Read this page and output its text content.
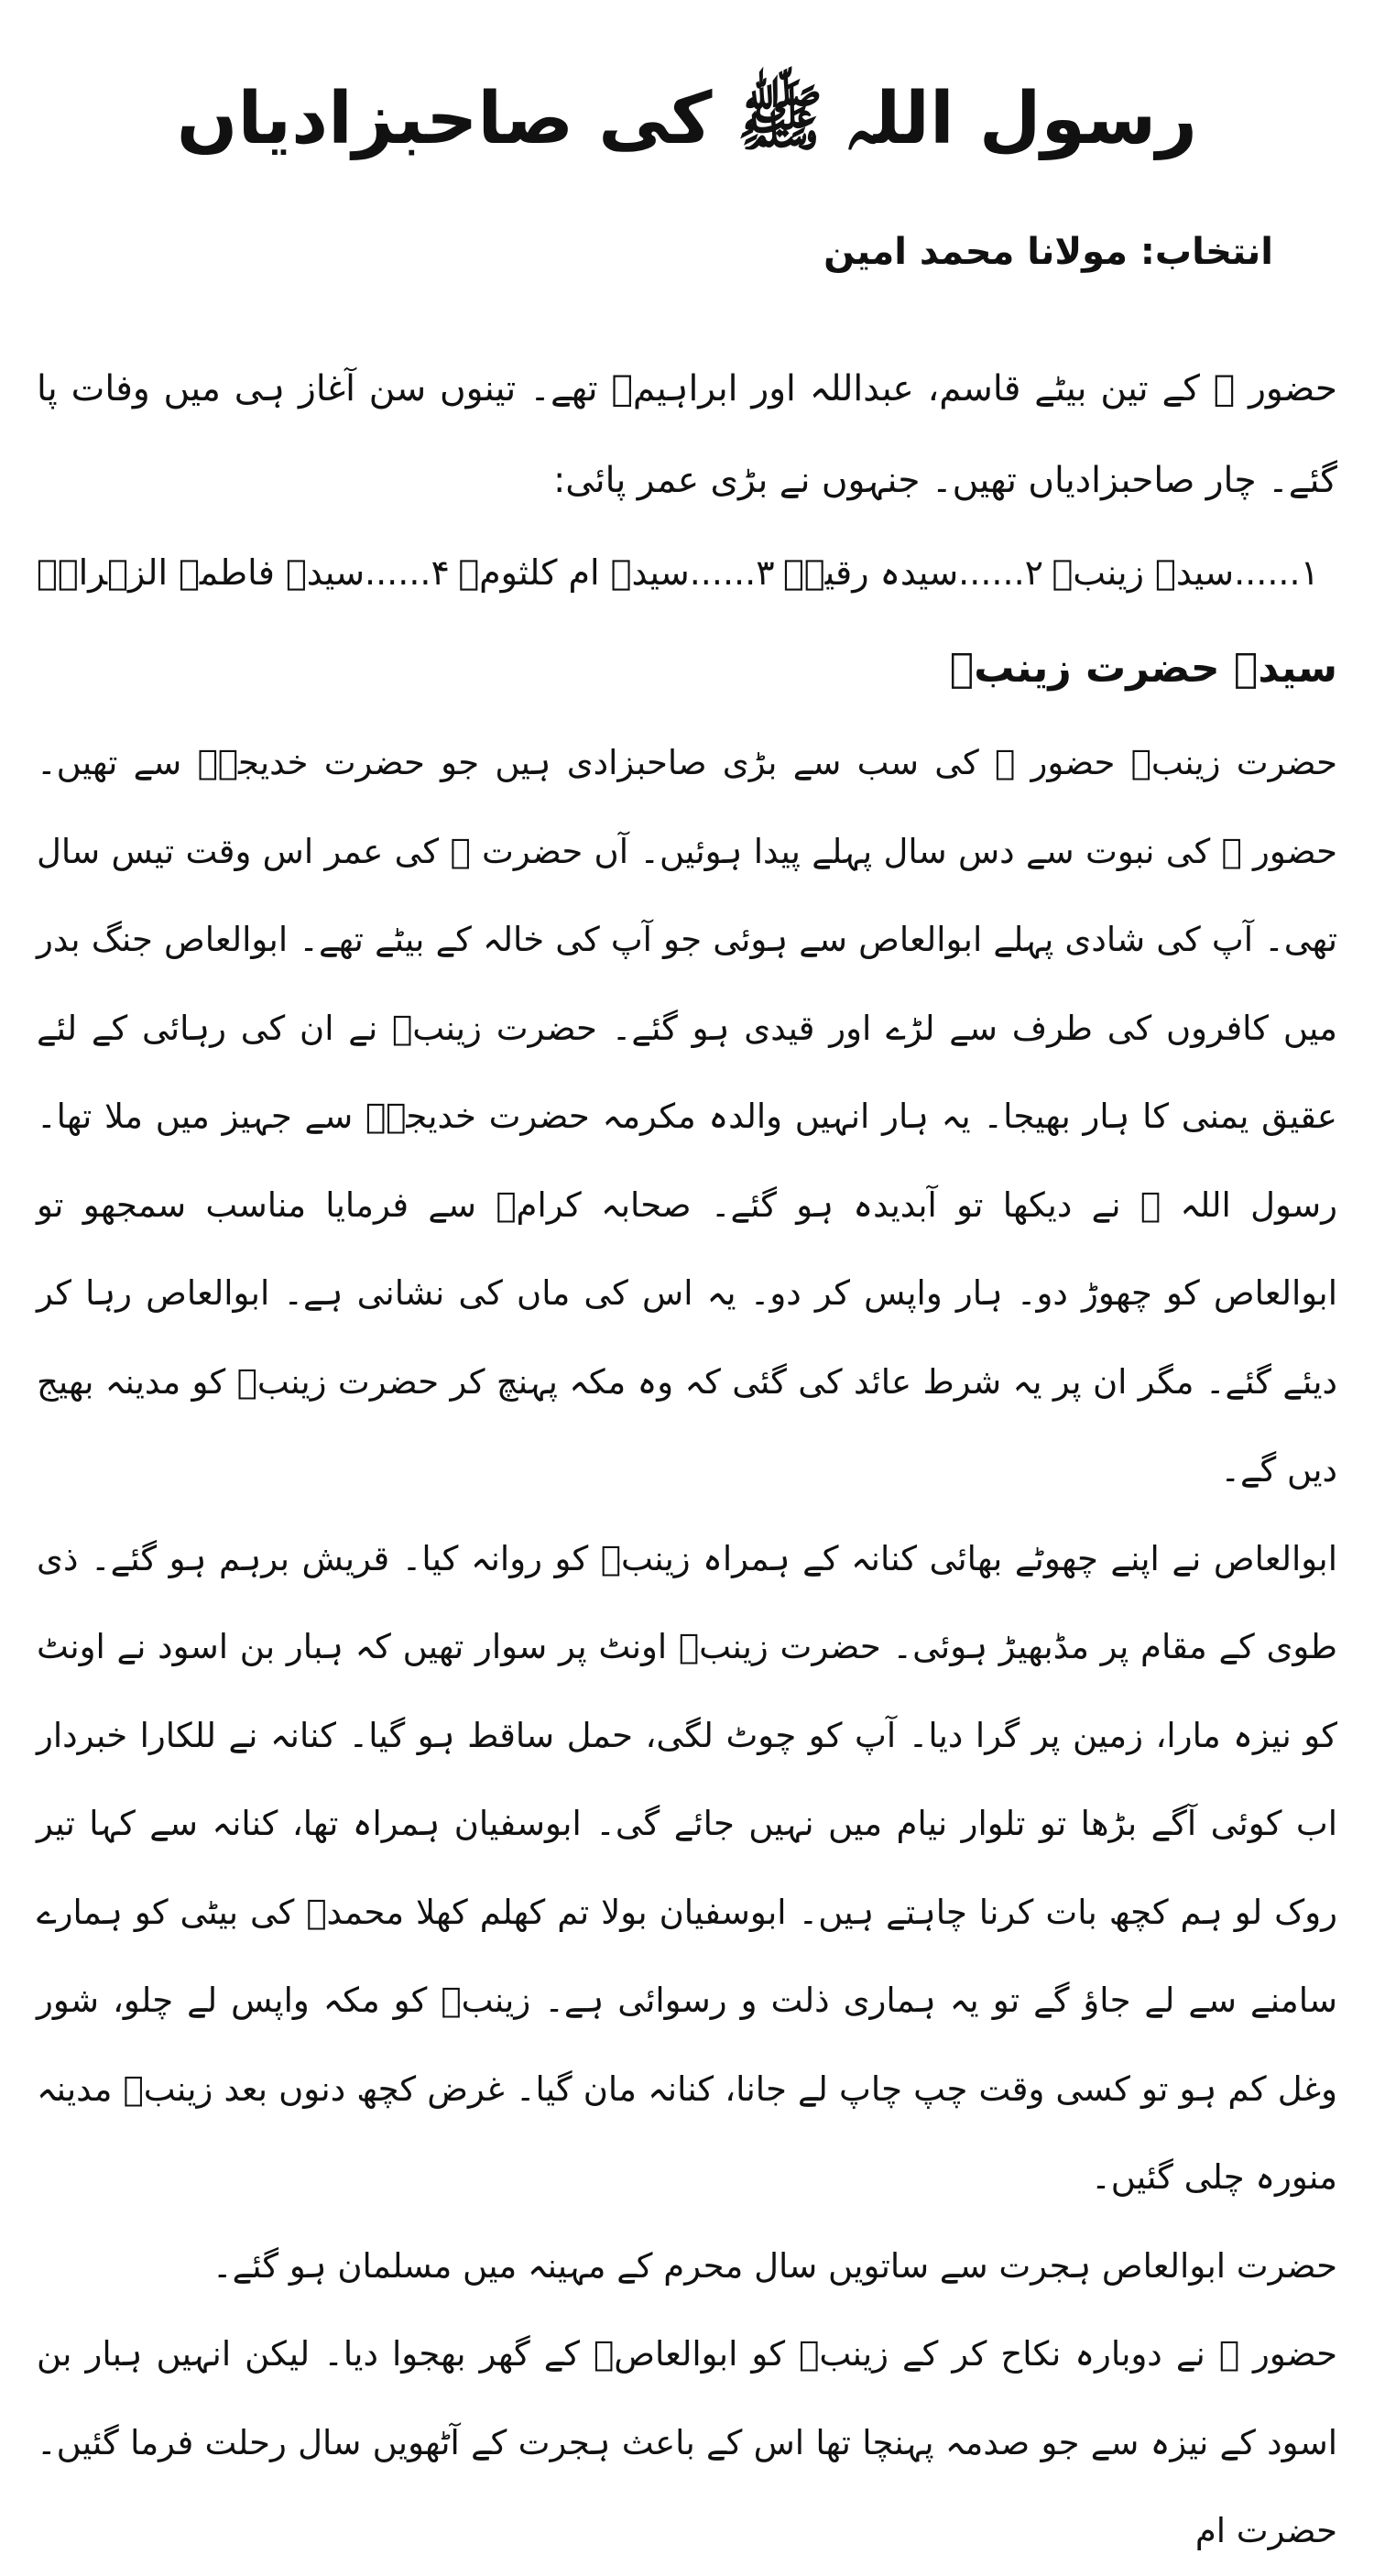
رسول اللہ ﷺ کی صاحبزادیاں
انتخاب: مولانا محمد امین

حضور ﷺ کے تین بیٹے قاسم، عبداللہ اور ابراہیمؓ تھے۔ تینوں سن آغاز ہی میں وفات پا گئے۔ چار صاحبزادیاں تھیں۔ جنہوں نے بڑی عمر پائی:

۱......سیدہ زینبؓ
۲......سیدہ رقیہؓ
۳......سیدہ ام کلثومؓ
۴......سیدہ فاطمۃ الزہراؓ۔
سیدہ حضرت زینبؓ

حضرت زینبؓ حضور ﷺ کی سب سے بڑی صاحبزادی ہیں جو حضرت خدیجہؓ سے تھیں۔ حضور ﷺ کی نبوت سے دس سال پہلے پیدا ہوئیں۔ آں حضرت ﷺ کی عمر اس وقت تیس سال تھی۔ آپ کی شادی پہلے ابوالعاص سے ہوئی جو آپ کی خالہ کے بیٹے تھے۔ ابوالعاص جنگ بدر میں کافروں کی طرف سے لڑے اور قیدی ہو گئے۔ حضرت زینبؓ نے ان کی رہائی کے لئے عقیق یمنی کا ہار بھیجا۔ یہ ہار انہیں والدہ مکرمہ حضرت خدیجہؓ سے جہیز میں ملا تھا۔ رسول اللہ ﷺ نے دیکھا تو آبدیدہ ہو گئے۔ صحابہ کرامؓ سے فرمایا مناسب سمجھو تو ابوالعاص کو چھوڑ دو۔ ہار واپس کر دو۔ یہ اس کی ماں کی نشانی ہے۔ ابوالعاص رہا کر دیئے گئے۔ مگر ان پر یہ شرط عائد کی گئی کہ وہ مکہ پہنچ کر حضرت زینبؓ کو مدینہ بھیج دیں گے۔

ابوالعاص نے اپنے چھوٹے بھائی کنانہ کے ہمراہ زینبؓ کو روانہ کیا۔ قریش برہم ہو گئے۔ ذی طوی کے مقام پر مڈبھیڑ ہوئی۔ حضرت زینبؓ اونٹ پر سوار تھیں کہ ہبار بن اسود نے اونٹ کو نیزہ مارا، زمین پر گرا دیا۔ آپ کو چوٹ لگی، حمل ساقط ہو گیا۔ کنانہ نے للکارا خبردار اب کوئی آگے بڑھا تو تلوار نیام میں نہیں جائے گی۔ ابوسفیان ہمراہ تھا، کنانہ سے کہا تیر روک لو ہم کچھ بات کرنا چاہتے ہیں۔ ابوسفیان بولا تم کھلم کھلا محمدؐ کی بیٹی کو ہمارے سامنے سے لے جاؤ گے تو یہ ہماری ذلت و رسوائی ہے۔ زینبؓ کو مکہ واپس لے چلو، شور وغل کم ہو تو کسی وقت چپ چاپ لے جانا، کنانہ مان گیا۔ غرض کچھ دنوں بعد زینبؓ مدینہ منورہ چلی گئیں۔

حضرت ابوالعاص ہجرت سے ساتویں سال محرم کے مہینہ میں مسلمان ہو گئے۔

حضور ﷺ نے دوبارہ نکاح کر کے زینبؓ کو ابوالعاصؓ کے گھر بھجوا دیا۔ لیکن انہیں ہبار بن اسود کے نیزہ سے جو صدمہ پہنچا تھا اس کے باعث ہجرت کے آٹھویں سال رحلت فرما گئیں۔ حضرت ام
